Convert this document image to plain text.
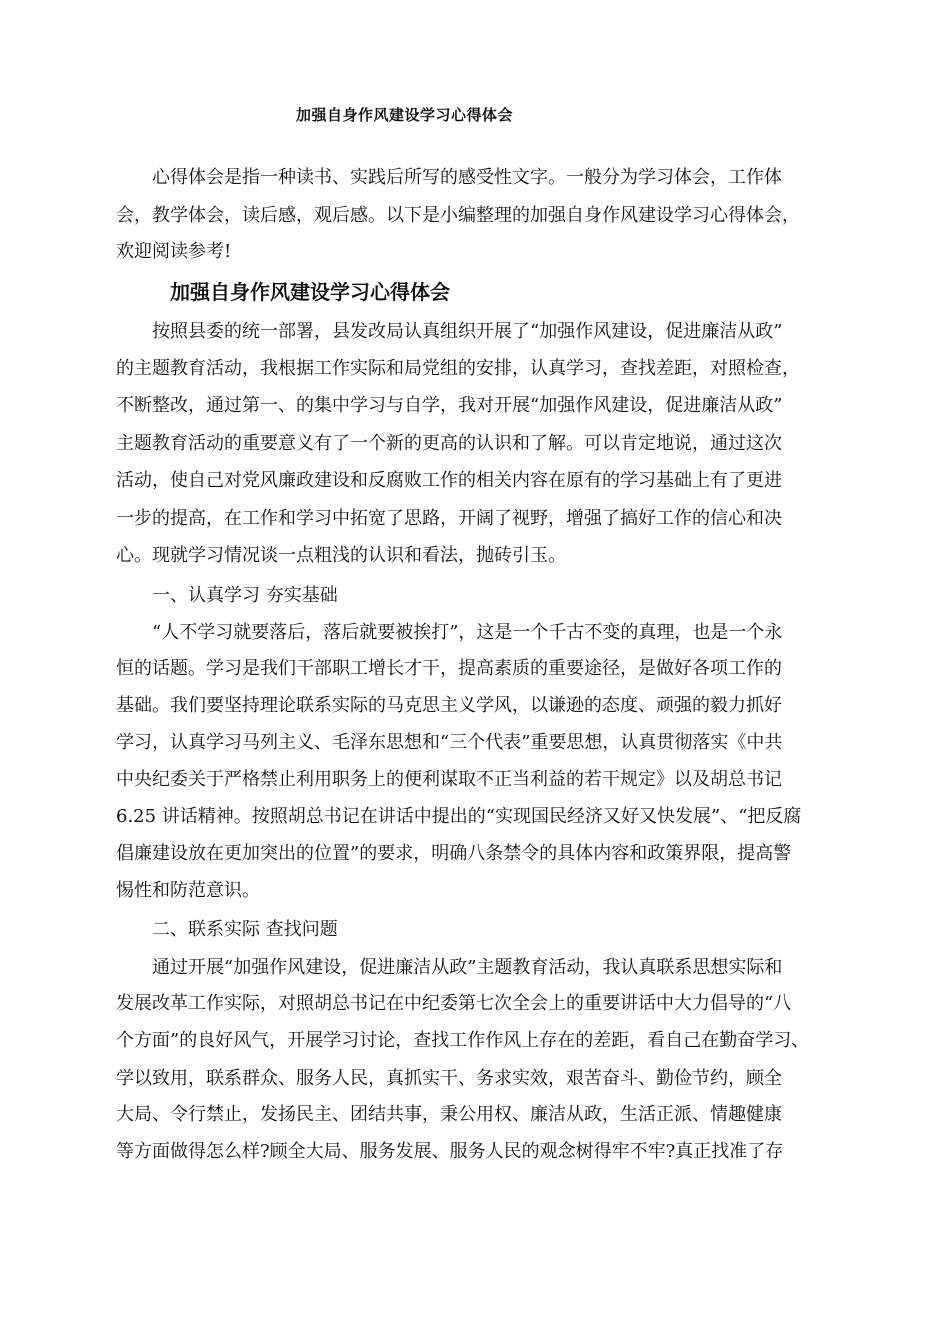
加强自身作风建设学习心得体会
心得体会是指一种读书、实践后所写的感受性文字。一般分为学习体会，工作体
会，教学体会，读后感，观后感。以下是小编整理的加强自身作风建设学习心得体会，
欢迎阅读参考!
加强自身作风建设学习心得体会
按照县委的统一部署，县发改局认真组织开展了“加强作风建设，促进廉洁从政”
的主题教育活动，我根据工作实际和局党组的安排，认真学习，查找差距，对照检查，
不断整改，通过第一、的集中学习与自学，我对开展“加强作风建设，促进廉洁从政”
主题教育活动的重要意义有了一个新的更高的认识和了解。可以肯定地说，通过这次
活动，使自己对党风廉政建设和反腐败工作的相关内容在原有的学习基础上有了更进
一步的提高，在工作和学习中拓宽了思路，开阔了视野，增强了搞好工作的信心和决
心。现就学习情况谈一点粗浅的认识和看法，抛砖引玉。
一、认真学习 夯实基础
“人不学习就要落后，落后就要被挨打”，这是一个千古不变的真理，也是一个永
恒的话题。学习是我们干部职工增长才干，提高素质的重要途径，是做好各项工作的
基础。我们要坚持理论联系实际的马克思主义学风，以谦逊的态度、顽强的毅力抓好
学习，认真学习马列主义、毛泽东思想和“三个代表”重要思想，认真贯彻落实《中共
中央纪委关于严格禁止利用职务上的便利谋取不正当利益的若干规定》以及胡总书记
6.25 讲话精神。按照胡总书记在讲话中提出的“实现国民经济又好又快发展”、“把反腐
倡廉建设放在更加突出的位置”的要求，明确八条禁令的具体内容和政策界限，提高警
惕性和防范意识。
二、联系实际 查找问题
通过开展“加强作风建设，促进廉洁从政”主题教育活动，我认真联系思想实际和
发展改革工作实际，对照胡总书记在中纪委第七次全会上的重要讲话中大力倡导的“八
个方面”的良好风气，开展学习讨论，查找工作作风上存在的差距，看自己在勤奋学习、
学以致用，联系群众、服务人民，真抓实干、务求实效，艰苦奋斗、勤俭节约，顾全
大局、令行禁止，发扬民主、团结共事，秉公用权、廉洁从政，生活正派、情趣健康
等方面做得怎么样?顾全大局、服务发展、服务人民的观念树得牢不牢?真正找准了存
